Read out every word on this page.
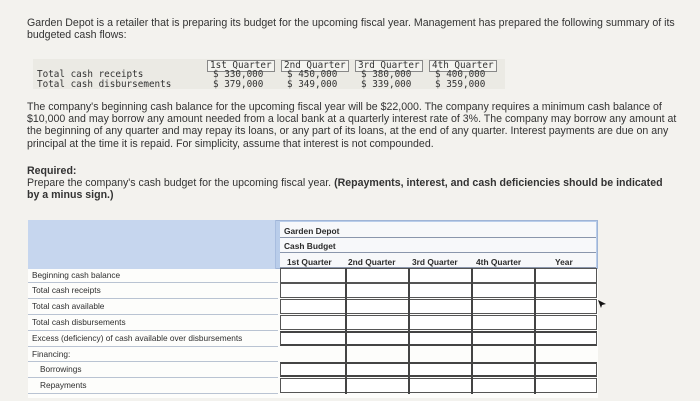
Garden Depot is a retailer that is preparing its budget for the upcoming fiscal year. Management has prepared the following summary of its budgeted cash flows:
1st Quarter	2nd Quarter	3rd Quarter	4th Quarter
Total cash receipts	$ 330,000	$ 450,000	$ 380,000	$ 400,000
Total cash disbursements	$ 379,000	$ 349,000	$ 339,000	$ 359,000
The company's beginning cash balance for the upcoming fiscal year will be $22,000. The company requires a minimum cash balance of $10,000 and may borrow any amount needed from a local bank at a quarterly interest rate of 3%. The company may borrow any amount at the beginning of any quarter and may repay its loans, or any part of its loans, at the end of any quarter. Interest payments are due on any principal at the time it is repaid. For simplicity, assume that interest is not compounded.
Required:
Prepare the company's cash budget for the upcoming fiscal year. (Repayments, interest, and cash deficiencies should be indicated by a minus sign.)
Garden Depot
Cash Budget
1st Quarter 2nd Quarter 3rd Quarter 4th Quarter	Year
Beginning cash balance
Total cash receipts
Total cash available
Total cash disbursements
Excess (deficiency) of cash available over disbursements
Financing:
Borrowings
Repayments
